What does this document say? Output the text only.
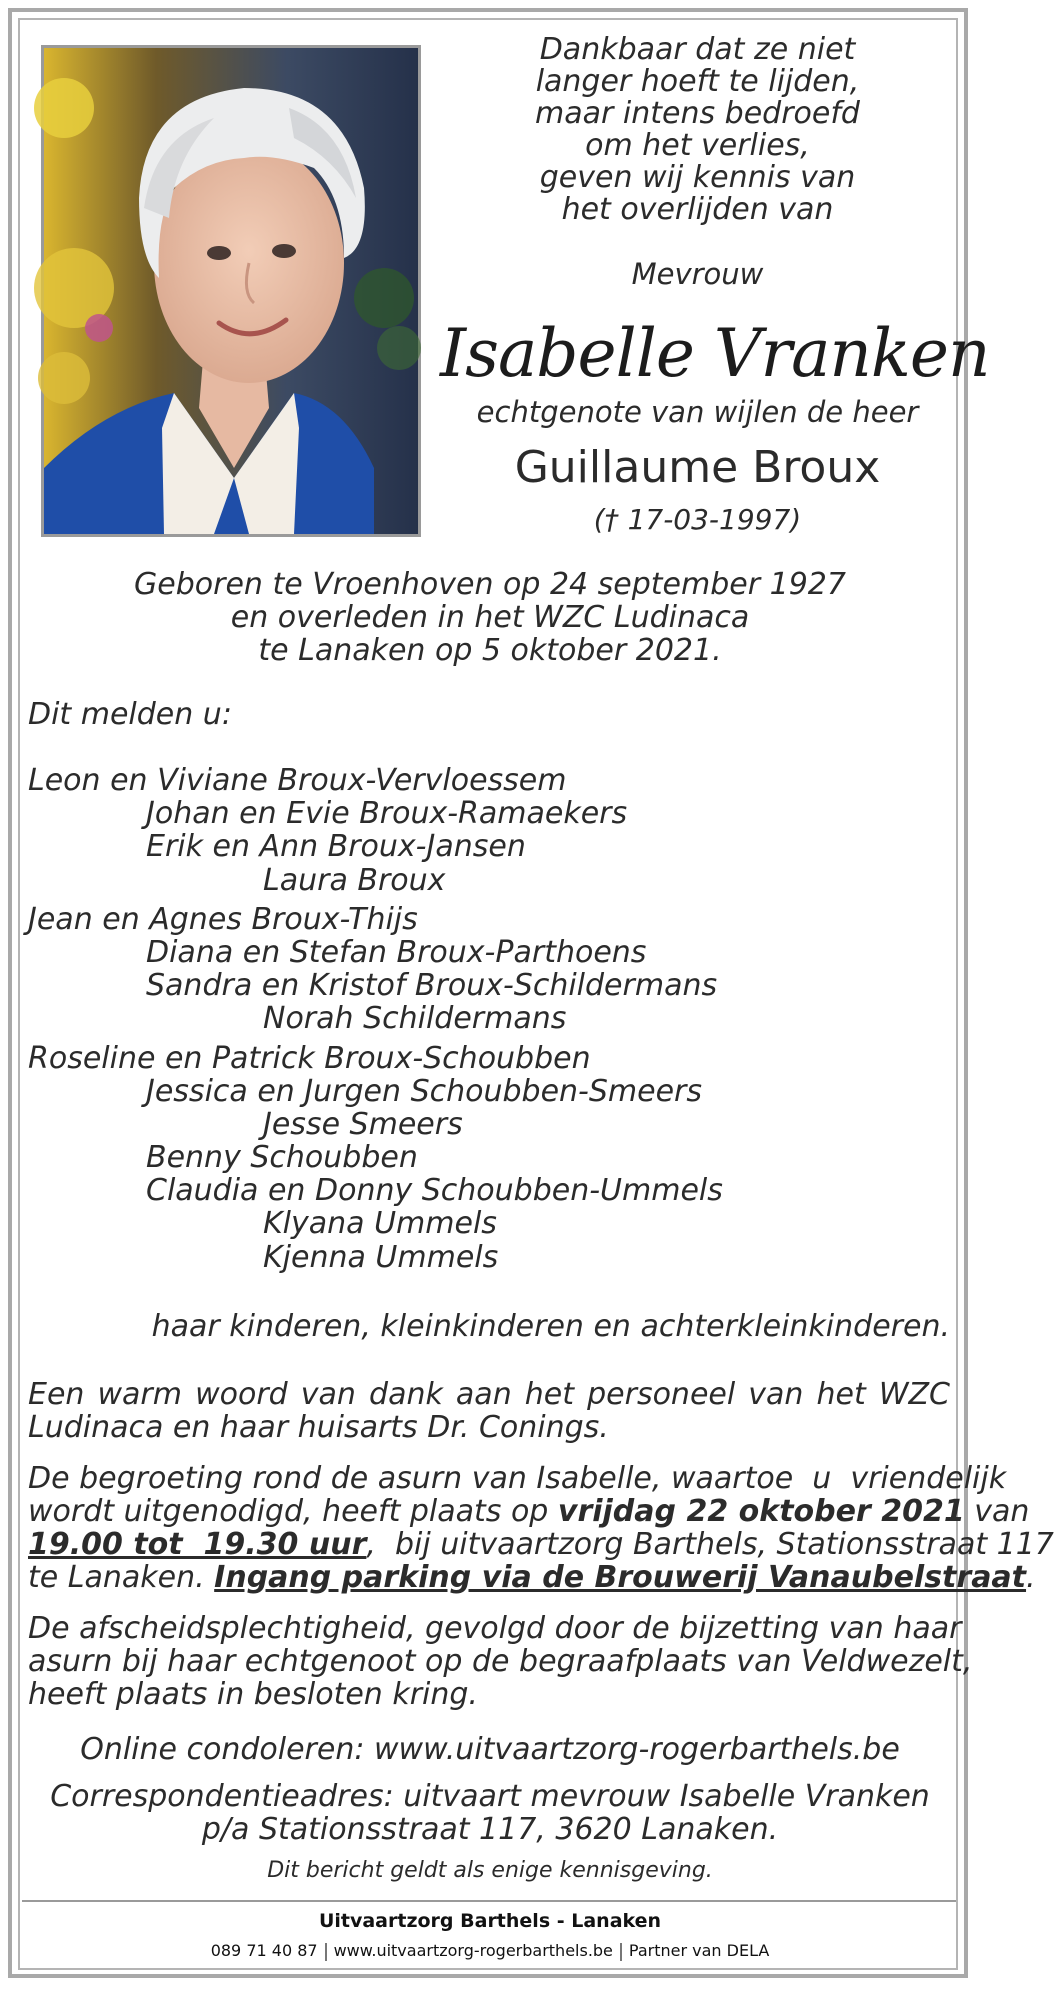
Dankbaar dat ze niet
langer hoeft te lijden,
maar intens bedroefd
om het verlies,
geven wij kennis van
het overlijden van
Mevrouw
Isabelle Vranken
echtgenote van wijlen de heer
Guillaume Broux
(† 17-03-1997)
Geboren te Vroenhoven op 24 september 1927
en overleden in het WZC Ludinaca
te Lanaken op 5 oktober 2021.
Dit melden u:
Leon en Viviane Broux-Vervloessem
Johan en Evie Broux-Ramaekers
Erik en Ann Broux-Jansen
Laura Broux
Jean en Agnes Broux-Thijs
Diana en Stefan Broux-Parthoens
Sandra en Kristof Broux-Schildermans
Norah Schildermans
Roseline en Patrick Broux-Schoubben
Jessica en Jurgen Schoubben-Smeers
Jesse Smeers
Benny Schoubben
Claudia en Donny Schoubben-Ummels
Klyana Ummels
Kjenna Ummels
haar kinderen, kleinkinderen en achterkleinkinderen.
Een warm woord van dank aan het personeel van het WZC
Ludinaca en haar huisarts Dr. Conings.
De begroeting rond de asurn van Isabelle, waartoe  u  vriendelijk
wordt uitgenodigd, heeft plaats op vrijdag 22 oktober 2021 van
19.00 tot  19.30 uur,  bij uitvaartzorg Barthels, Stationsstraat 117
te Lanaken. Ingang parking via de Brouwerij Vanaubelstraat.
De afscheidsplechtigheid, gevolgd door de bijzetting van haar
asurn bij haar echtgenoot op de begraafplaats van Veldwezelt,
heeft plaats in besloten kring.
Online condoleren: www.uitvaartzorg-rogerbarthels.be
Correspondentieadres: uitvaart mevrouw Isabelle Vranken
p/a Stationsstraat 117, 3620 Lanaken.
Dit bericht geldt als enige kennisgeving.
Uitvaartzorg Barthels - Lanaken
089 71 40 87 www.uitvaartzorg-rogerbarthels.be Partner van DELA
